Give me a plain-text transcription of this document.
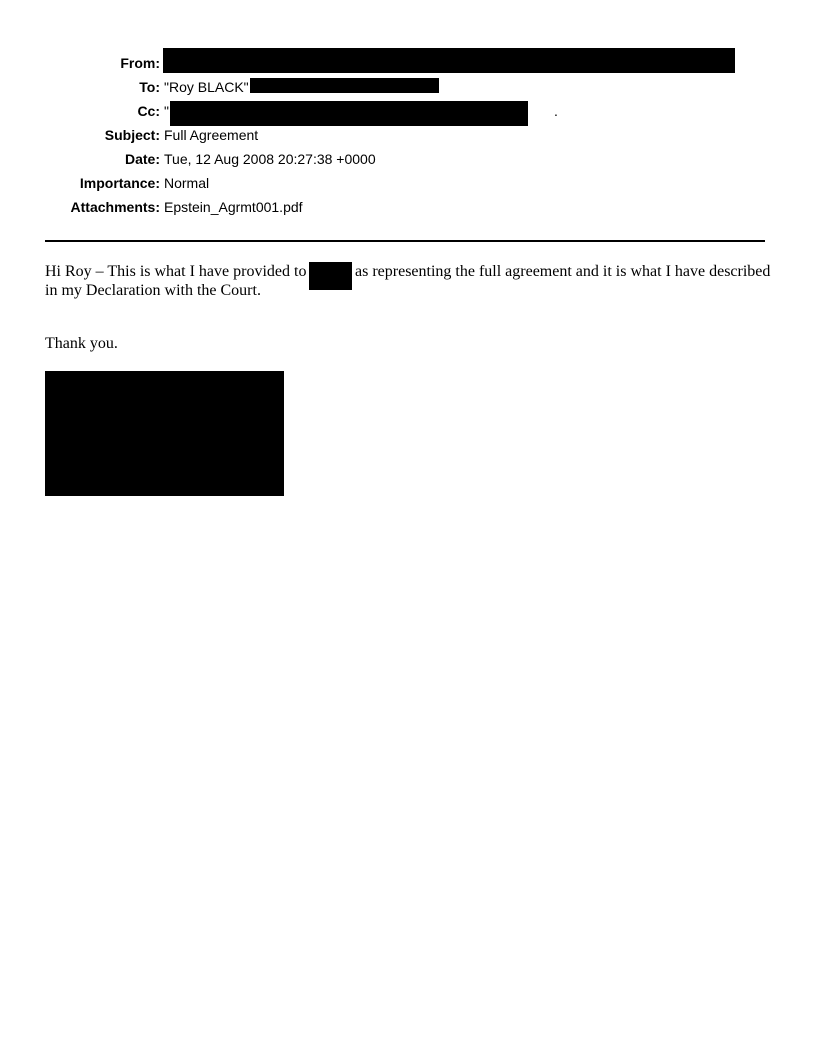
From:
To: "Roy BLACK"
Cc: "	.
Subject: Full Agreement
Date: Tue, 12 Aug 2008 20:27:38 +0000
Importance: Normal
Attachments: Epstein_Agrmt001.pdf
Hi Roy – This is what I have provided to	as representing the full agreement and it is what I have described
in my Declaration with the Court.
Thank you.
